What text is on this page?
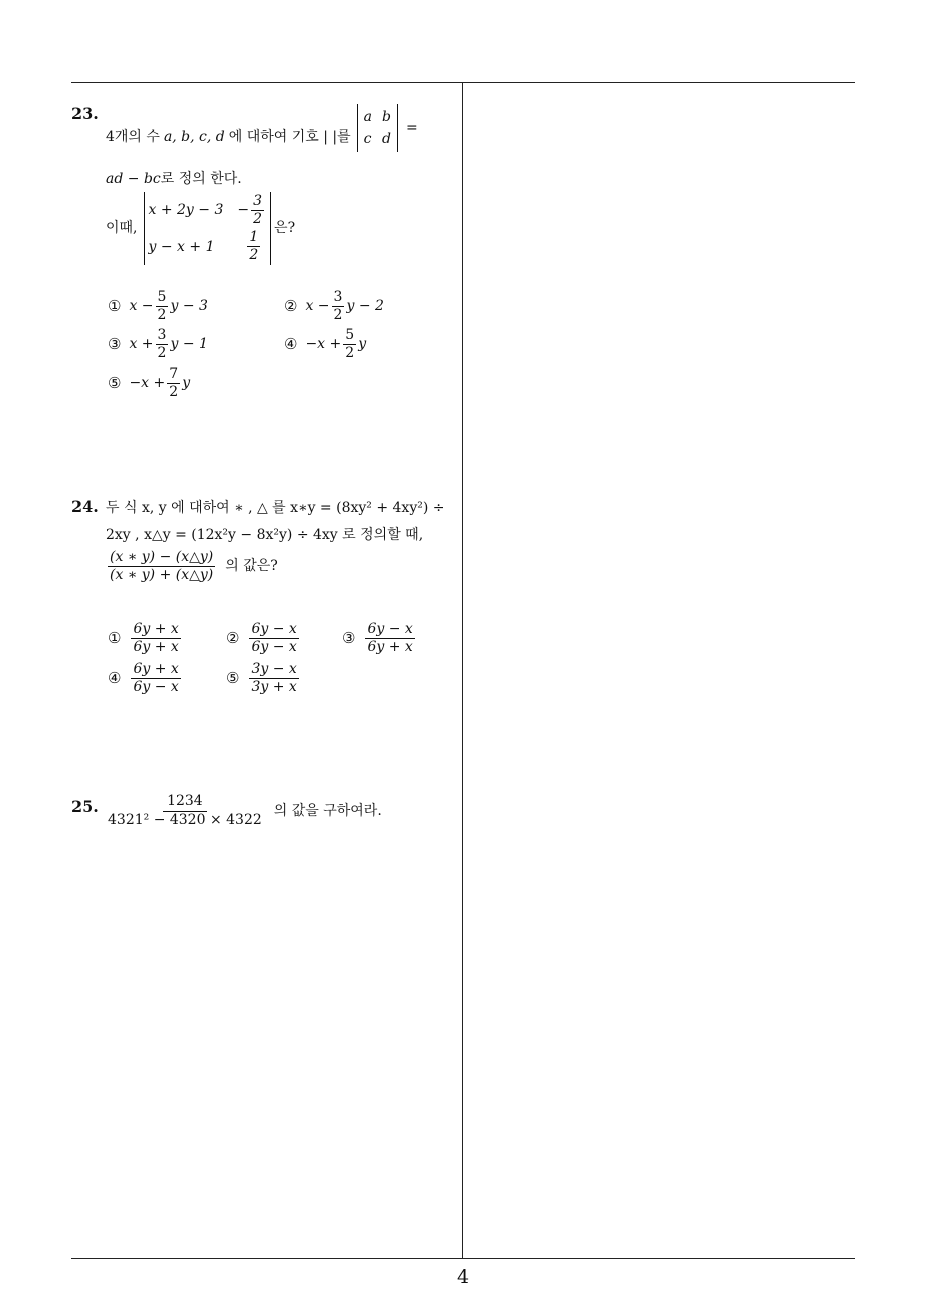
23.
4개의 수 a, b, c, d 에 대하여 기호 | |를
a	b
c	d
=
ad − bc로 정의 한다.
이때,
x + 2y − 3	− $\frac{3}{2}$

y − x + 1	$\frac{1}{2}$
은?
① $x - \frac{5}{2}$ y − 3	② $x - \frac{3}{2}$ y − 2
③ $x + \frac{3}{2}$ y − 1	④ $-x + \frac{5}{2}$ y
⑤ $-x + \frac{7}{2}$ y
24. 두 식 x, y 에 대하여 ∗ , △ 를 x∗y = (8xy² + 4xy²) ÷
2xy , x△y = (12x²y − 8x²y) ÷ 4xy 로 정의할 때,
$\frac{(x ∗ y) - (x\triangle y)}{(x ∗ y) + (x\triangle y)}$ 의 값은?
① $\frac{6y + x}{6y + x}$	② $\frac{6y - x}{6y - x}$	③ $\frac{6y - x}{6y + x}$
④ $\frac{6y + x}{6y - x}$	⑤ $\frac{3y - x}{3y + x}$
25. $\frac{1234}{\text{4321² − 4320 × 4322}}$ 의 값을 구하여라.
4
